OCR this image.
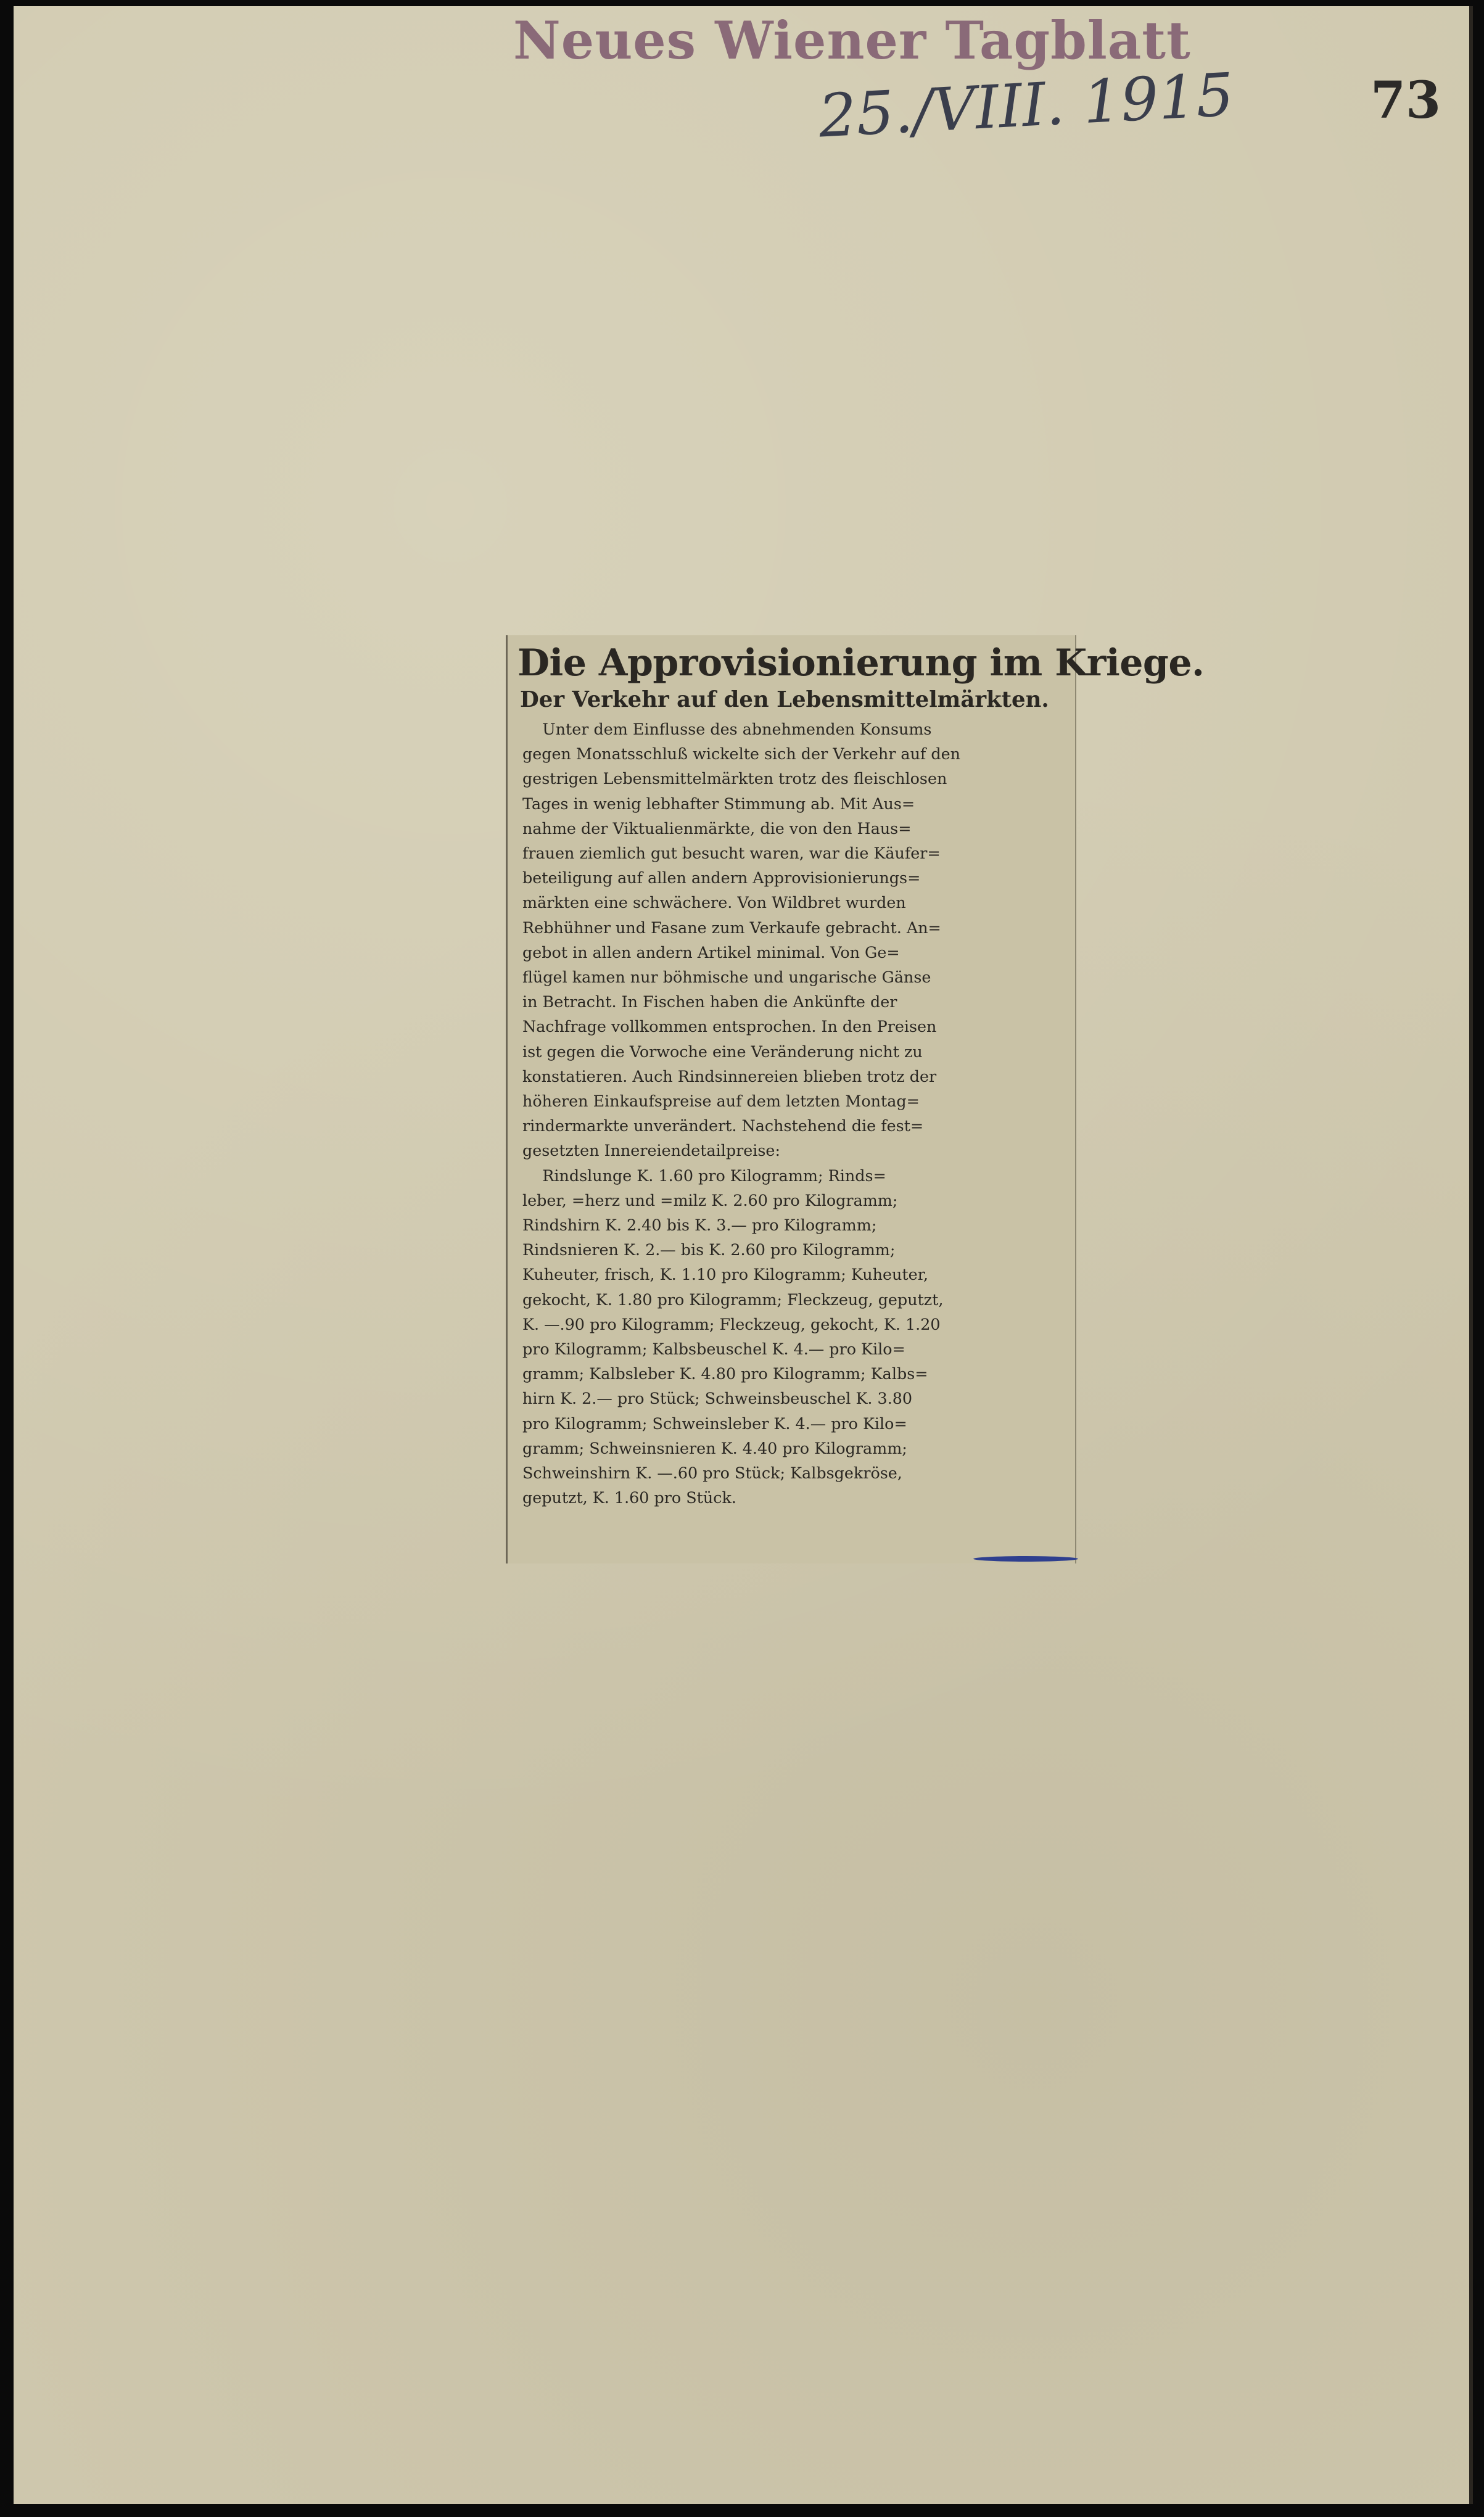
Neues Wiener Tagblatt
25./VIII. 1915	73
Die Approvisionierung im Kriege.
Der Verkehr auf den Lebensmittelmärkten.

Unter dem Einflusse des abnehmenden Konsums
gegen Monatsschluß wickelte sich der Verkehr auf den
gestrigen Lebensmittelmärkten trotz des fleischlosen
Tages in wenig lebhafter Stimmung ab. Mit Aus=
nahme der Viktualienmärkte, die von den Haus=
frauen ziemlich gut besucht waren, war die Käufer=
beteiligung auf allen andern Approvisionierungs=
märkten eine schwächere. Von Wildbret wurden
Rebhühner und Fasane zum Verkaufe gebracht. An=
gebot in allen andern Artikel minimal. Von Ge=
flügel kamen nur böhmische und ungarische Gänse
in Betracht. In Fischen haben die Ankünfte der
Nachfrage vollkommen entsprochen. In den Preisen
ist gegen die Vorwoche eine Veränderung nicht zu
konstatieren. Auch Rindsinnereien blieben trotz der
höheren Einkaufspreise auf dem letzten Montag=
rindermarkte unverändert. Nachstehend die fest=
gesetzten Innereiendetailpreise:

Rindslunge K. 1.60 pro Kilogramm; Rinds=
leber, =herz und =milz K. 2.60 pro Kilogramm;
Rindshirn K. 2.40 bis K. 3.— pro Kilogramm;
Rindsnieren K. 2.— bis K. 2.60 pro Kilogramm;
Kuheuter, frisch, K. 1.10 pro Kilogramm; Kuheuter,
gekocht, K. 1.80 pro Kilogramm; Fleckzeug, geputzt,
K. —.90 pro Kilogramm; Fleckzeug, gekocht, K. 1.20
pro Kilogramm; Kalbsbeuschel K. 4.— pro Kilo=
gramm; Kalbsleber K. 4.80 pro Kilogramm; Kalbs=
hirn K. 2.— pro Stück; Schweinsbeuschel K. 3.80
pro Kilogramm; Schweinsleber K. 4.— pro Kilo=
gramm; Schweinsnieren K. 4.40 pro Kilogramm;
Schweinshirn K. —.60 pro Stück; Kalbsgekröse,
geputzt, K. 1.60 pro Stück.
